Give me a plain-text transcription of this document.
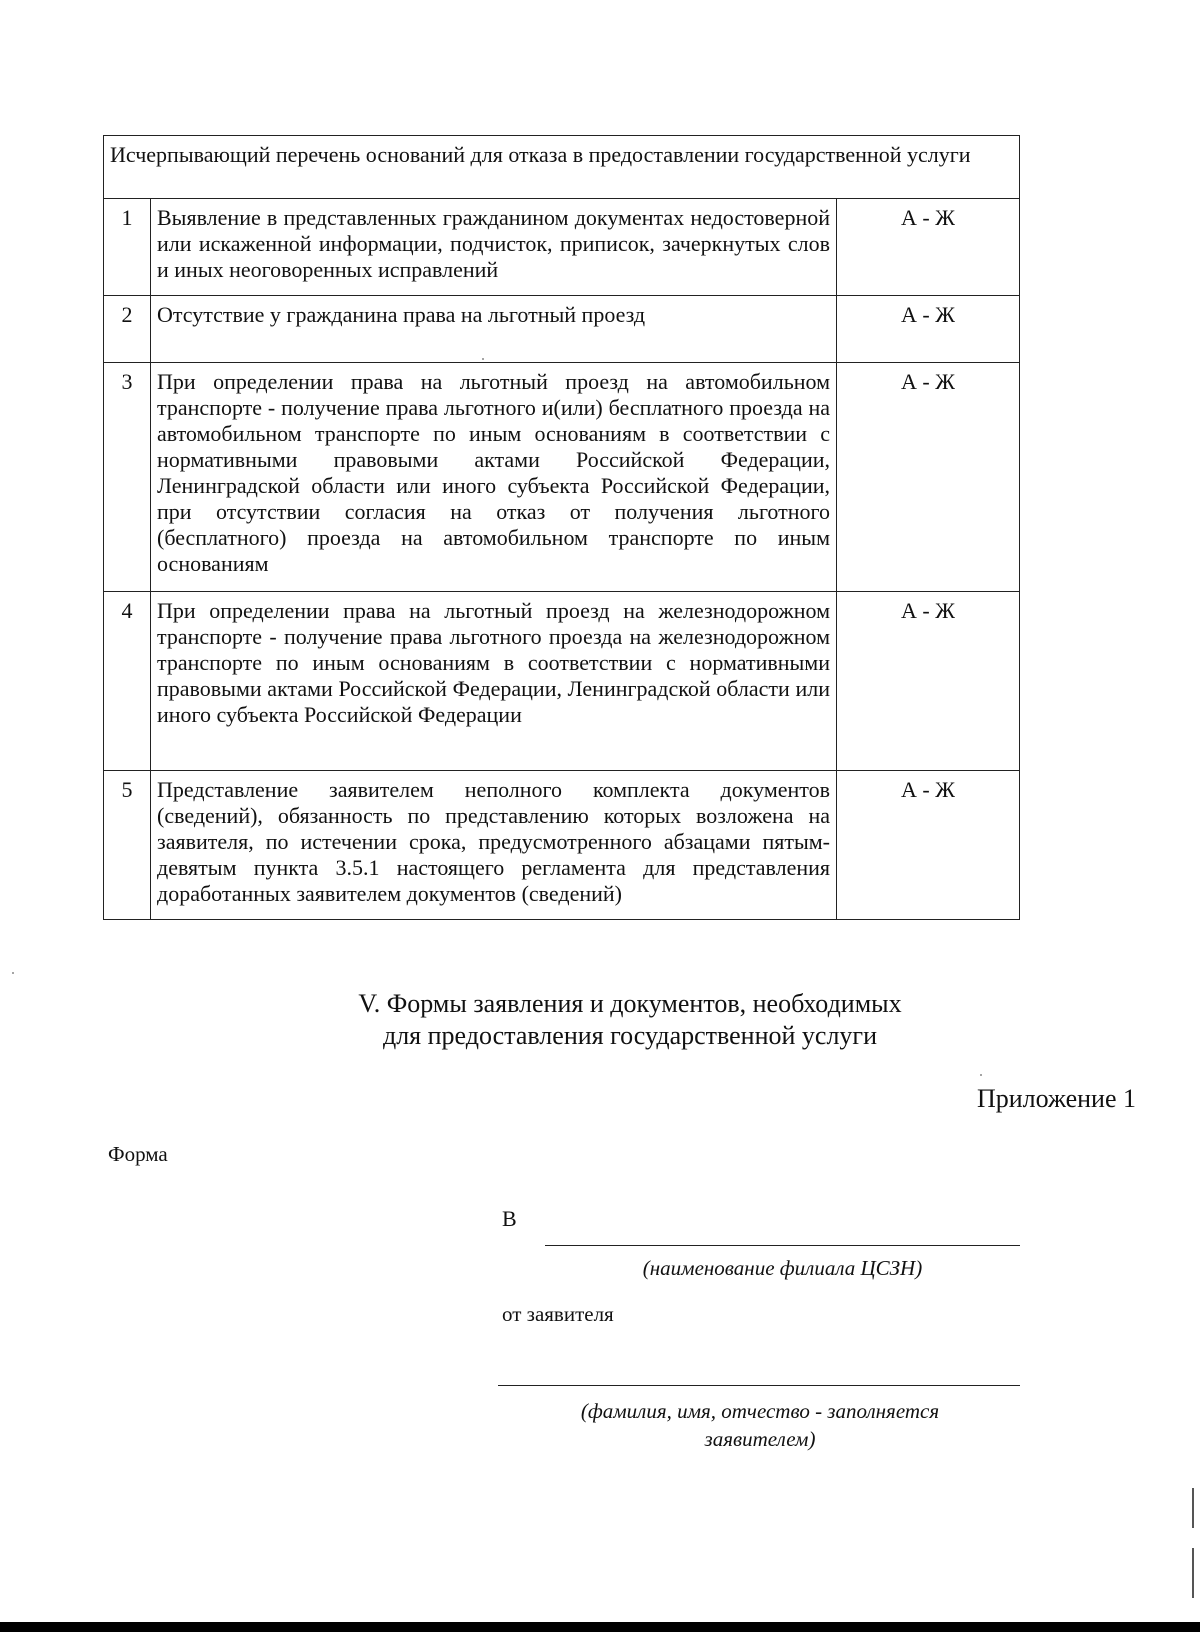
Исчерпывающий перечень оснований для отказа в предоставлении государственной услуги		
1	Выявление в представленных гражданином документах недостоверной или искаженной информации, подчисток, приписок, зачеркнутых слов и иных неоговоренных исправлений	А - Ж
2	Отсутствие у гражданина права на льготный проезд	А - Ж
3	При определении права на льготный проезд на автомобильном транспорте - получение права льготного и(или) бесплатного проезда на автомобильном транспорте по иным основаниям в соответствии с нормативными правовыми актами Российской Федерации, Ленинградской области или иного субъекта Российской Федерации, при отсутствии согласия на отказ от получения льготного (бесплатного) проезда на автомобильном транспорте по иным основаниям	А - Ж
4	При определении права на льготный проезд на железнодорожном транспорте - получение права льготного проезда на железнодорожном транспорте по иным основаниям в соответствии с нормативными правовыми актами Российской Федерации, Ленинградской области или иного субъекта Российской Федерации	А - Ж
5	Представление заявителем неполного комплекта документов (сведений), обязанность по представлению которых возложена на заявителя, по истечении срока, предусмотренного абзацами пятым-девятым пункта 3.5.1 настоящего регламента для представления доработанных заявителем документов (сведений)	А - Ж
V. Формы заявления и документов, необходимых
для предоставления государственной услуги
Приложение 1
Форма
В
(наименование филиала ЦСЗН)
от заявителя
(фамилия, имя, отчество - заполняется
заявителем)
